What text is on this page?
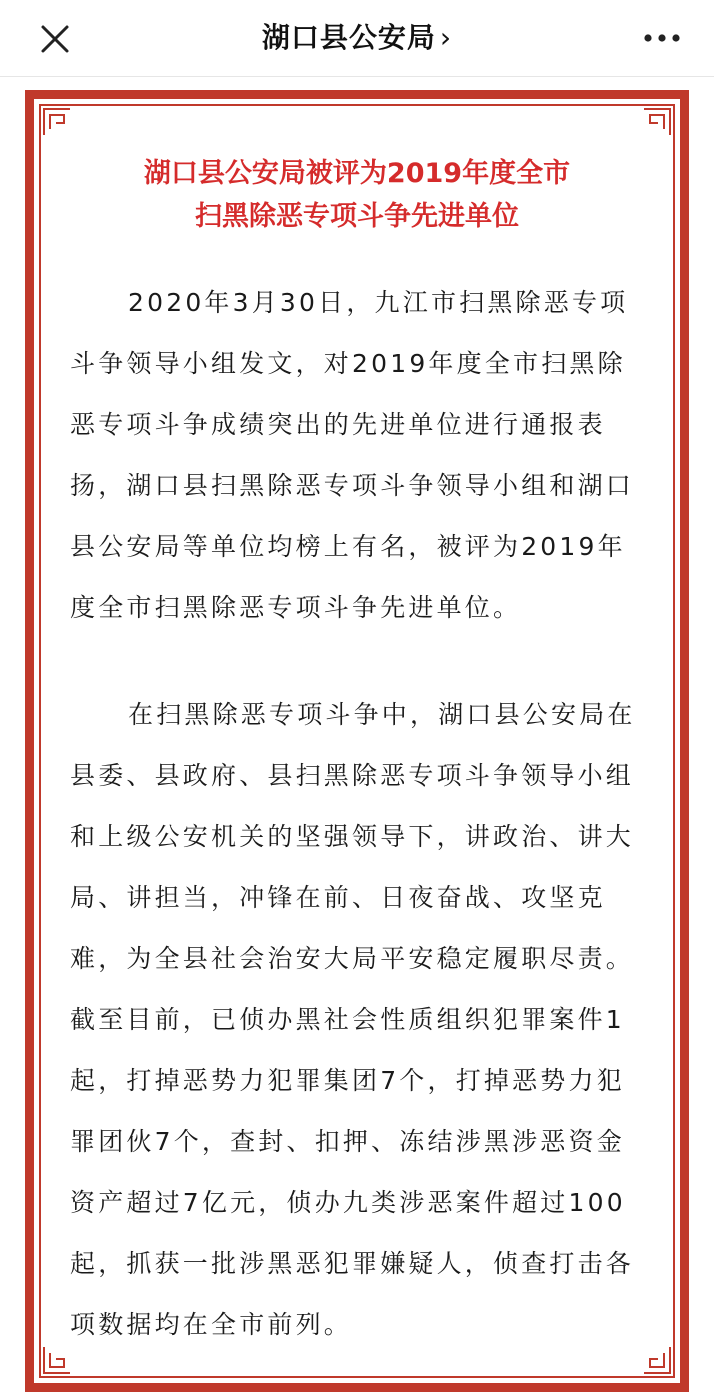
湖口县公安局 ›
湖口县公安局被评为2019年度全市
扫黑除恶专项斗争先进单位

2020年3月30日，九江市扫黑除恶专项斗争领导小组发文，对2019年度全市扫黑除恶专项斗争成绩突出的先进单位进行通报表扬，湖口县扫黑除恶专项斗争领导小组和湖口县公安局等单位均榜上有名，被评为2019年度全市扫黑除恶专项斗争先进单位。

在扫黑除恶专项斗争中，湖口县公安局在县委、县政府、县扫黑除恶专项斗争领导小组和上级公安机关的坚强领导下，讲政治、讲大局、讲担当，冲锋在前、日夜奋战、攻坚克难，为全县社会治安大局平安稳定履职尽责。截至目前，已侦办黑社会性质组织犯罪案件1起，打掉恶势力犯罪集团7个，打掉恶势力犯罪团伙7个，查封、扣押、冻结涉黑涉恶资金资产超过7亿元，侦办九类涉恶案件超过100起，抓获一批涉黑恶犯罪嫌疑人，侦查打击各项数据均在全市前列。
